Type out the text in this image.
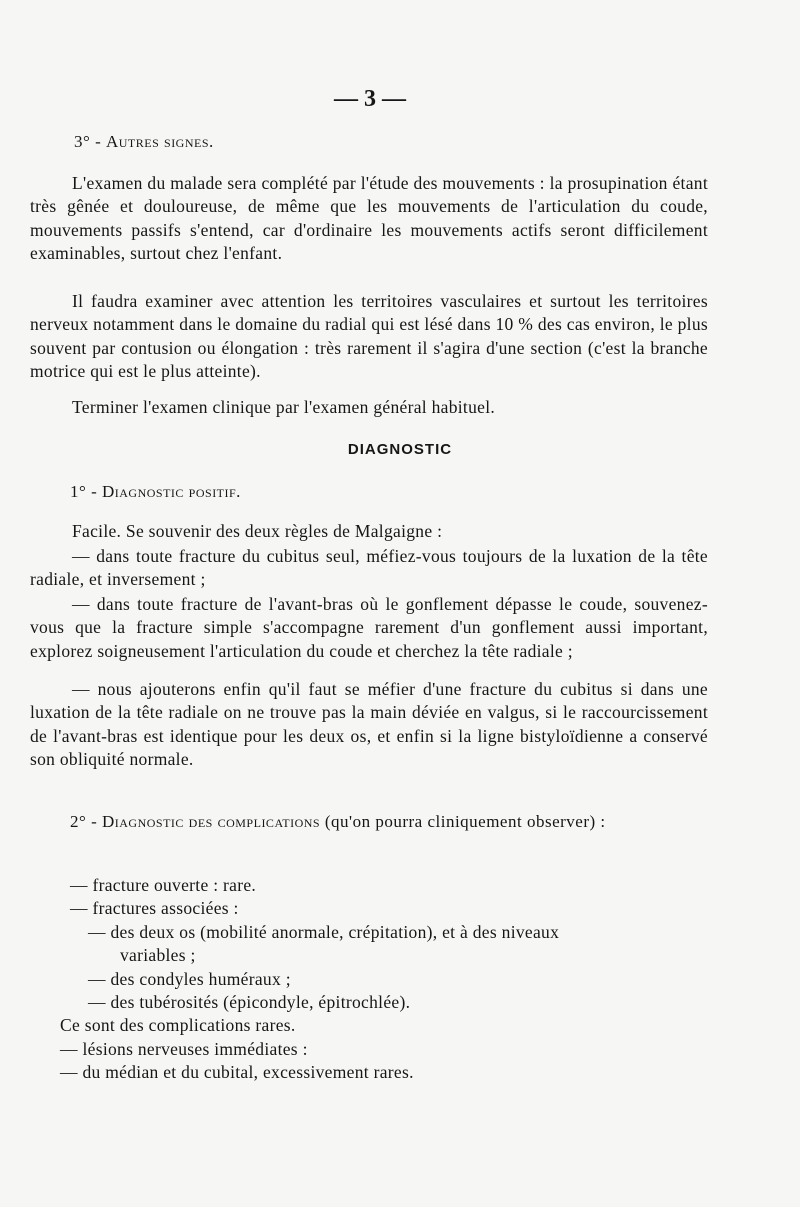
— 3 —
3° - Autres signes.

L'examen du malade sera complété par l'étude des mouvements : la prosupination étant très gênée et douloureuse, de même que les mouvements de l'articulation du coude, mouvements passifs s'entend, car d'ordinaire les mouvements actifs seront difficilement examinables, surtout chez l'enfant.

Il faudra examiner avec attention les territoires vasculaires et surtout les territoires nerveux notamment dans le domaine du radial qui est lésé dans 10 % des cas environ, le plus souvent par contusion ou élongation : très rarement il s'agira d'une section (c'est la branche motrice qui est le plus atteinte).

Terminer l'examen clinique par l'examen général habituel.

DIAGNOSTIC
1° - Diagnostic positif.

Facile. Se souvenir des deux règles de Malgaigne :

— dans toute fracture du cubitus seul, méfiez-vous toujours de la luxation de la tête radiale, et inversement ;

— dans toute fracture de l'avant-bras où le gonflement dépasse le coude, souvenez-vous que la fracture simple s'accompagne rarement d'un gonflement aussi important, explorez soigneusement l'articulation du coude et cherchez la tête radiale ;

— nous ajouterons enfin qu'il faut se méfier d'une fracture du cubitus si dans une luxation de la tête radiale on ne trouve pas la main déviée en valgus, si le raccourcissement de l'avant-bras est identique pour les deux os, et enfin si la ligne bistyloïdienne a conservé son obliquité normale.

2° - Diagnostic des complications (qu'on pourra cliniquement observer) :
— fracture ouverte : rare.
— fractures associées :
— des deux os (mobilité anormale, crépitation), et à des niveaux
variables ;
— des condyles huméraux ;
— des tubérosités (épicondyle, épitrochlée).
Ce sont des complications rares.
— lésions nerveuses immédiates :
— du médian et du cubital, excessivement rares.
